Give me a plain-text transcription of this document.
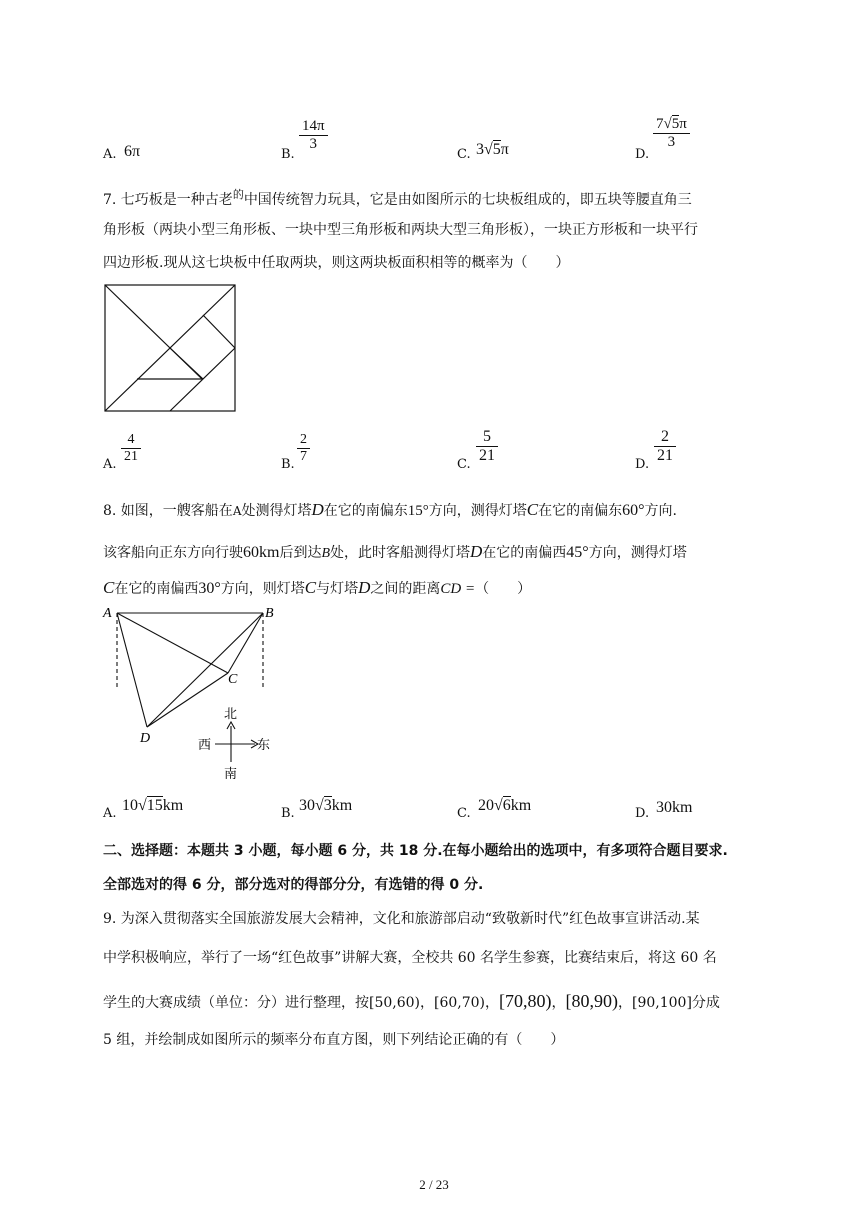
A. 6π	B.
$\frac{14\pi}{3}$
C. 3√5π	D.
$\frac{7√5\pi}{3}$
7. 七巧板是一种古老$^的$中国传统智力玩具，它是由如图所示的七块板组成的，即五块等腰直角三
角形板（两块小型三角形板、一块中型三角形板和两块大型三角形板），一块正方形板和一块平行
四边形板.现从这七块板中任取两块，则这两块板面积相等的概率为（　　）
A. $\frac{4}{21}$	B. $\frac{2}{7}$	C. $\frac{5}{21}$	D. $\frac{2}{21}$
8. 如图，一艘客船在A处测得灯塔D在它的南偏东15°方向，测得灯塔C在它的南偏东60°方向.
该客船向正东方向行驶60km后到达B处，此时客船测得灯塔D在它的南偏西45°方向，测得灯塔
C在它的南偏西30°方向，则灯塔C与灯塔D之间的距离CD =（　　）
A	B
C
D
北
南
西	东
A. 10√15km	B. 30√3km	C. 20√6km	D. 30km
二、选择题：本题共 3 小题，每小题 6 分，共 18 分.在每小题给出的选项中，有多项符合题目要求.
全部选对的得 6 分，部分选对的得部分分，有选错的得 0 分.
9. 为深入贯彻落实全国旅游发展大会精神，文化和旅游部启动“致敬新时代”红色故事宣讲活动.某
中学积极响应，举行了一场“红色故事”讲解大赛，全校共 60 名学生参赛，比赛结束后，将这 60 名
学生的大赛成绩（单位：分）进行整理，按[50,60)，[60,70)，[70,80)，[80,90)，[90,100]分成
5 组，并绘制成如图所示的频率分布直方图，则下列结论正确的有（　　）
2 / 23
